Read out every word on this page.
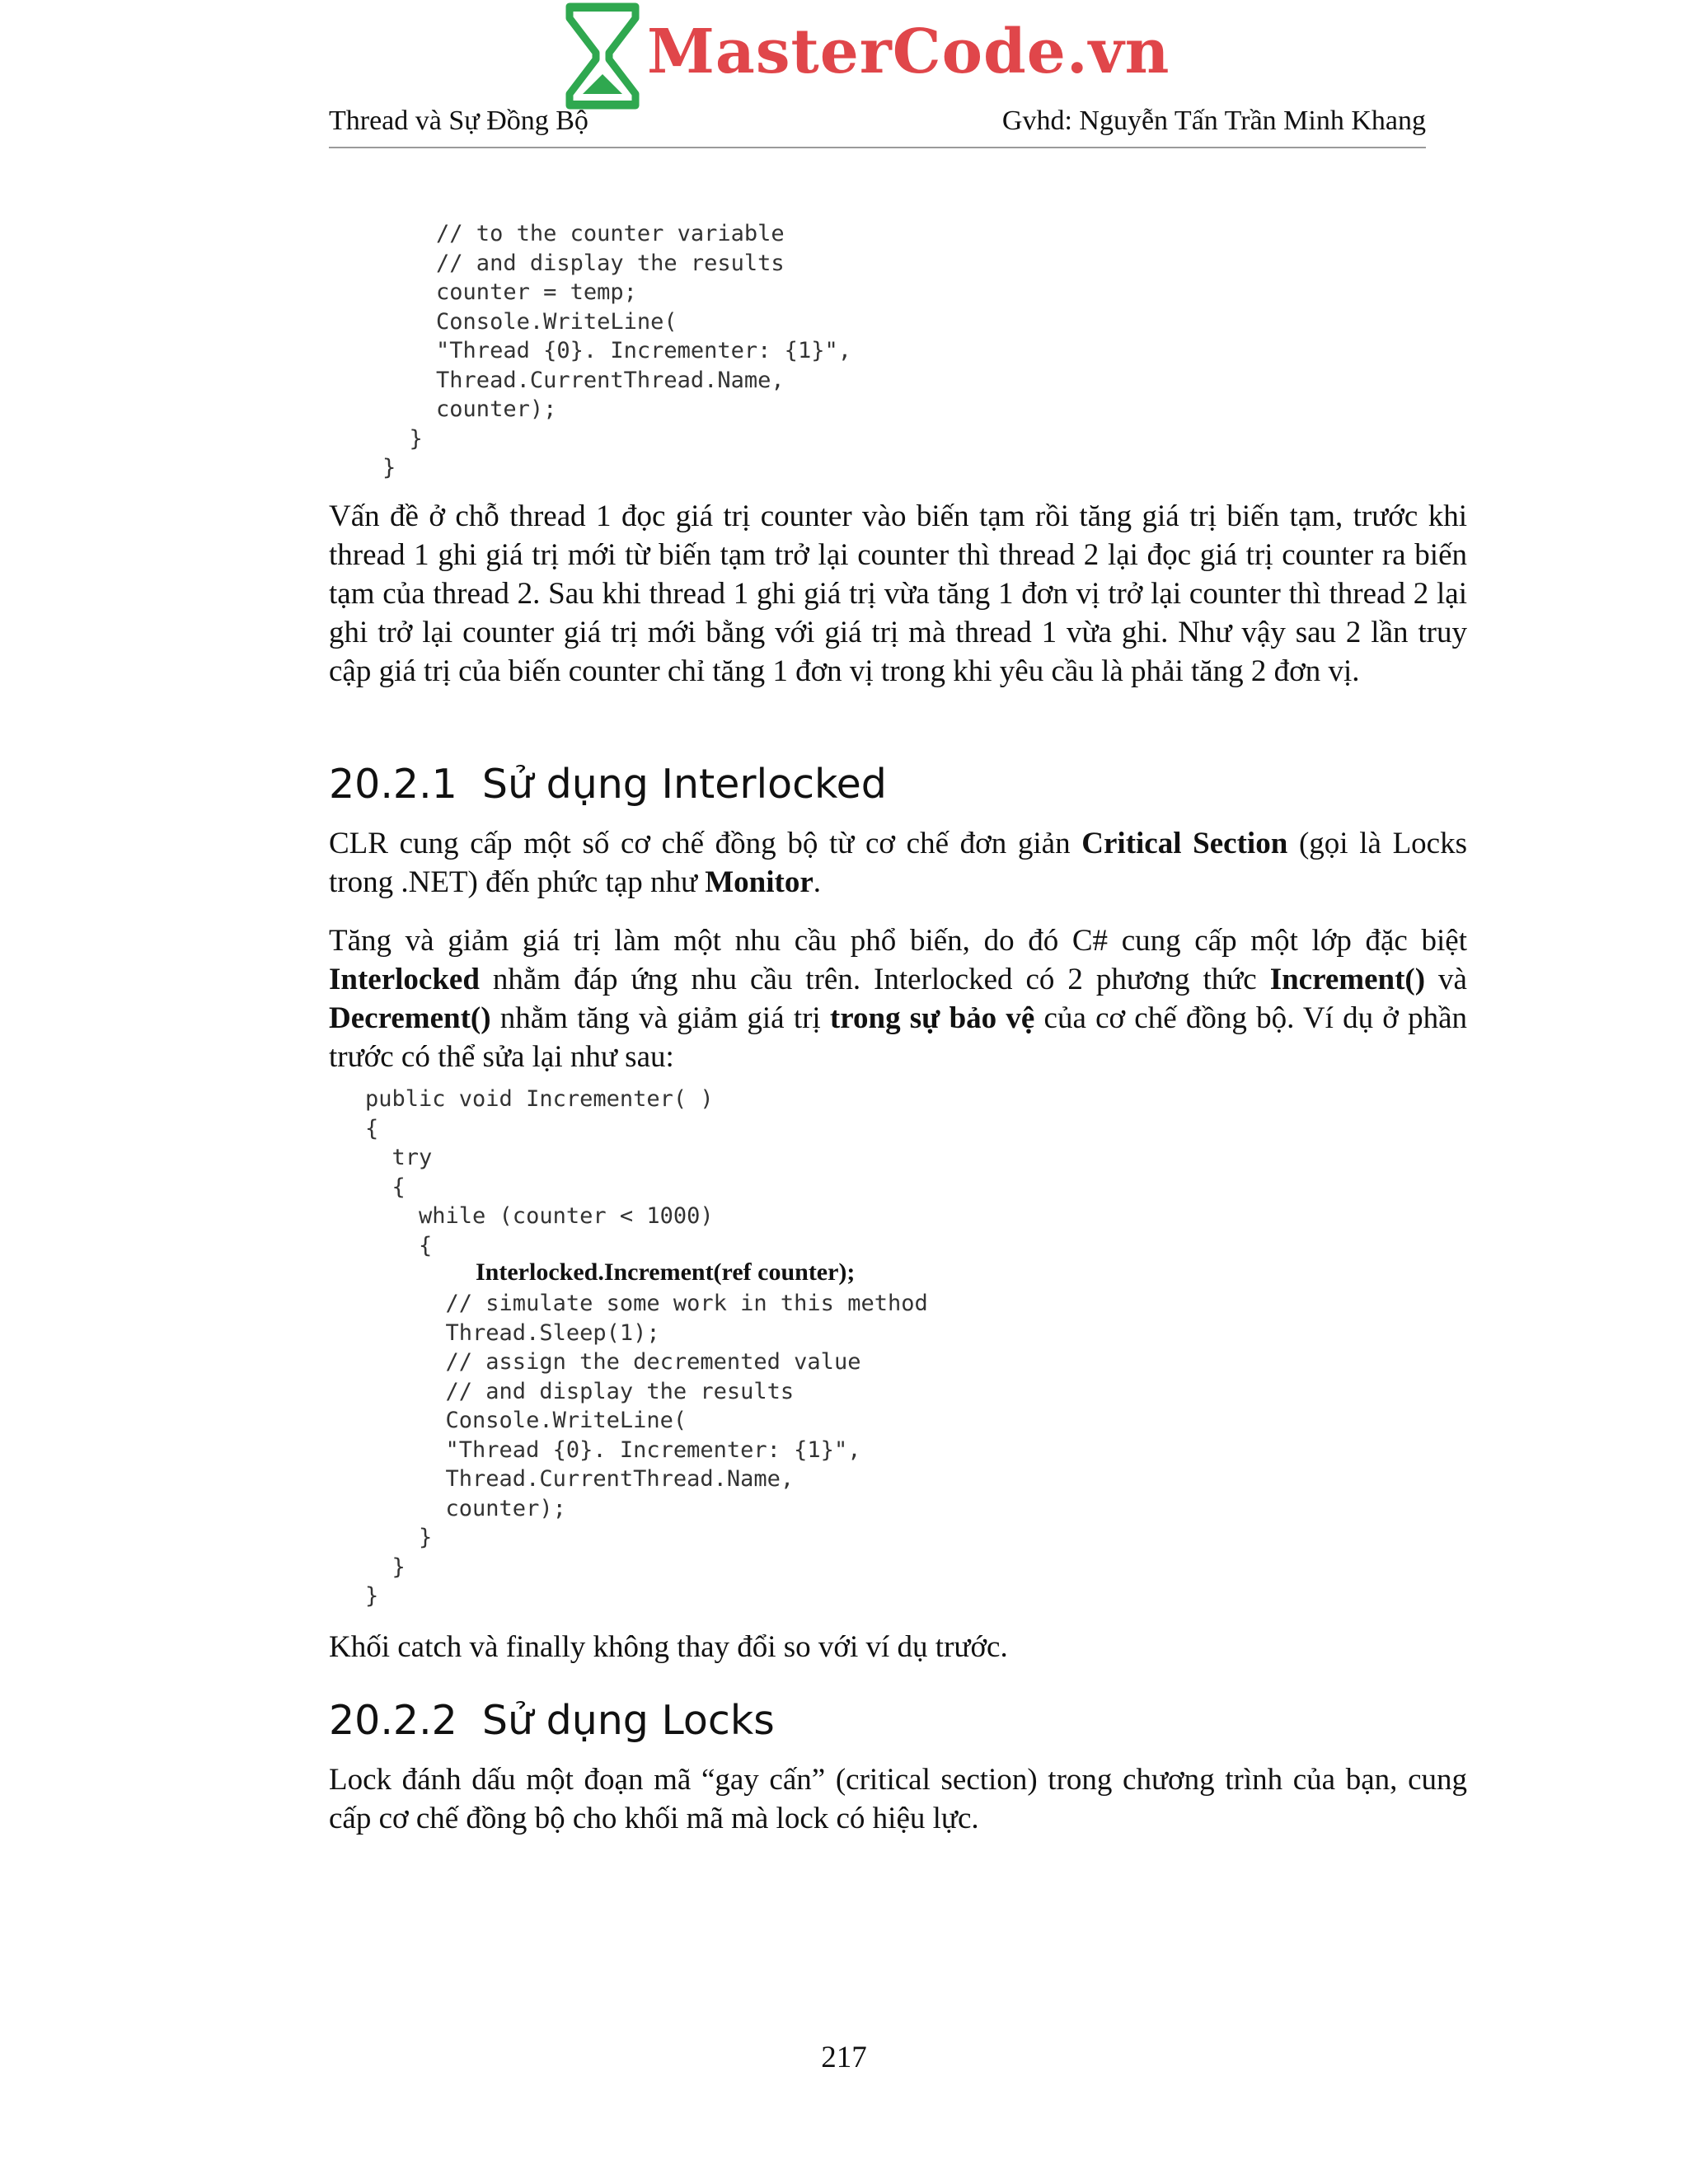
MasterCode.vn
Thread và Sự Đồng Bộ	Gvhd: Nguyễn Tấn Trần Minh Khang
// to the counter variable
// and display the results
counter = temp;
Console.WriteLine(
"Thread {0}. Incrementer: {1}",
Thread.CurrentThread.Name,
counter);
}
}

Vấn đề ở chỗ thread 1 đọc giá trị counter vào biến tạm rồi tăng giá trị biến tạm, trước khi thread 1 ghi giá trị mới từ biến tạm trở lại counter thì thread 2 lại đọc giá trị counter ra biến tạm của thread 2. Sau khi thread 1 ghi giá trị vừa tăng 1 đơn vị trở lại counter thì thread 2 lại ghi trở lại counter giá trị mới bằng với giá trị mà thread 1 vừa ghi. Như vậy sau 2 lần truy cập giá trị của biến counter chỉ tăng 1 đơn vị trong khi yêu cầu là phải tăng 2 đơn vị.

20.2.1 Sử dụng Interlocked

CLR cung cấp một số cơ chế đồng bộ từ cơ chế đơn giản Critical Section (gọi là Locks trong .NET) đến phức tạp như Monitor.

Tăng và giảm giá trị làm một nhu cầu phổ biến, do đó C# cung cấp một lớp đặc biệt Interlocked nhằm đáp ứng nhu cầu trên. Interlocked có 2 phương thức Increment() và Decrement() nhằm tăng và giảm giá trị trong sự bảo vệ của cơ chế đồng bộ. Ví dụ ở phần trước có thể sửa lại như sau:

public void Incrementer( )
{
try
{
while (counter < 1000)
{
Interlocked.Increment(ref counter);
// simulate some work in this method
Thread.Sleep(1);
// assign the decremented value
// and display the results
Console.WriteLine(
"Thread {0}. Incrementer: {1}",
Thread.CurrentThread.Name,
counter);
}
}
}

Khối catch và finally không thay đổi so với ví dụ trước.

20.2.2 Sử dụng Locks

Lock đánh dấu một đoạn mã “gay cấn” (critical section) trong chương trình của bạn, cung cấp cơ chế đồng bộ cho khối mã mà lock có hiệu lực.

217
